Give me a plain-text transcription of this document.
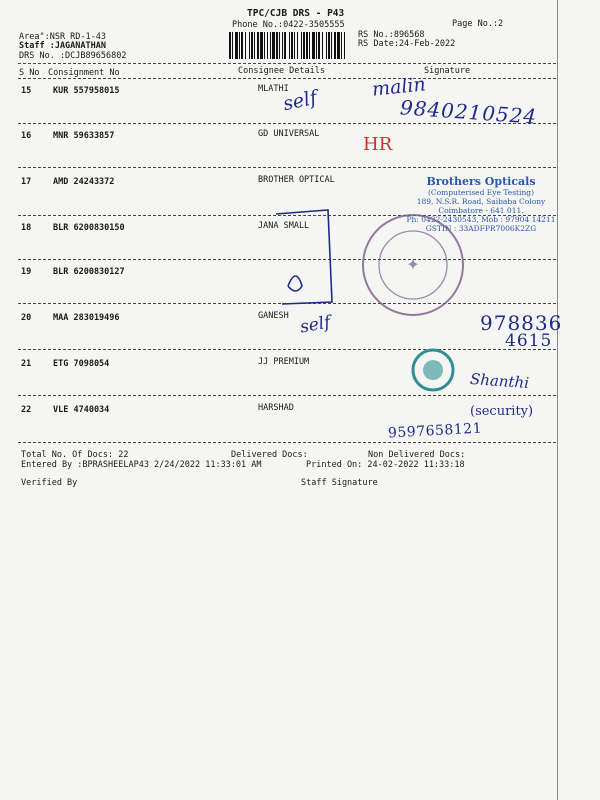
TPC/CJB DRS - P43
Phone No.:0422-3505555	Page No.:2
Area":NSR RD-1-43
Staff :JAGANATHAN
DRS No. :DCJB89656802
RS No.:896568
RS Date:24-Feb-2022
S No Consignment No	Consignee Details	Signature
15	KUR 557958015	MLATHI
16	MNR 59633857	GD UNIVERSAL
17	AMD 24243372	BROTHER OPTICAL
18	BLR 6200830150	JANA SMALL
19	BLR 6200830127
20	MAA 283019496	GANESH
21	ETG 7098054	JJ PREMIUM
22	VLE 4740034	HARSHAD
Total No. Of Docs: 22	Delivered Docs:	Non Delivered Docs:
Entered By :BPRASHEELAP43 2/24/2022 11:33:01 AM	Printed On: 24-02-2022 11:33:18
Verified By	Staff Signature
self	malin
9840210524
HR
self	978836
4615
Shanthi
(security)
9597658121
Brothers Opticals
(Computerised Eye Testing)
189, N.S.R. Road, Saibaba Colony
Coimbatore - 641 011.
Ph: 0422-2430543, Mob : 97904 14211
GSTIN : 33ADFPR7006K2ZG
✦
